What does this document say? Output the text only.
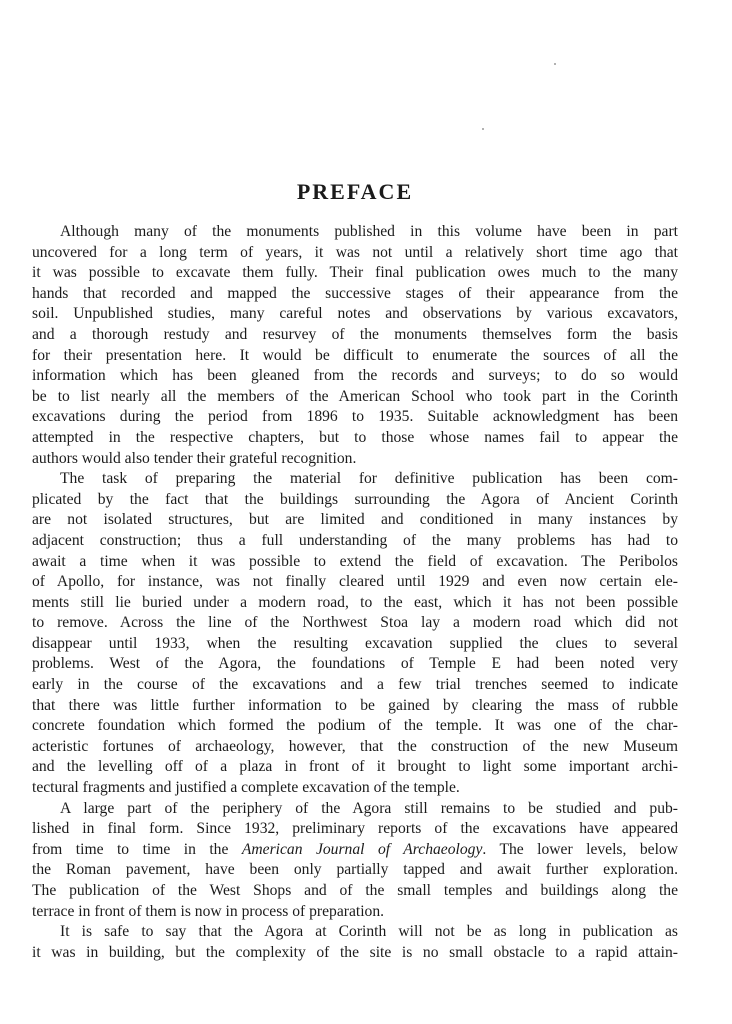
PREFACE
Although many of the monuments published in this volume have been in part
uncovered for a long term of years, it was not until a relatively short time ago that
it was possible to excavate them fully. Their final publication owes much to the many
hands that recorded and mapped the successive stages of their appearance from the
soil. Unpublished studies, many careful notes and observations by various excavators,
and a thorough restudy and resurvey of the monuments themselves form the basis
for their presentation here. It would be difficult to enumerate the sources of all the
information which has been gleaned from the records and surveys; to do so would
be to list nearly all the members of the American School who took part in the Corinth
excavations during the period from 1896 to 1935. Suitable acknowledgment has been
attempted in the respective chapters, but to those whose names fail to appear the
authors would also tender their grateful recognition.
The task of preparing the material for definitive publication has been com-
plicated by the fact that the buildings surrounding the Agora of Ancient Corinth
are not isolated structures, but are limited and conditioned in many instances by
adjacent construction; thus a full understanding of the many problems has had to
await a time when it was possible to extend the field of excavation. The Peribolos
of Apollo, for instance, was not finally cleared until 1929 and even now certain ele-
ments still lie buried under a modern road, to the east, which it has not been possible
to remove. Across the line of the Northwest Stoa lay a modern road which did not
disappear until 1933, when the resulting excavation supplied the clues to several
problems. West of the Agora, the foundations of Temple E had been noted very
early in the course of the excavations and a few trial trenches seemed to indicate
that there was little further information to be gained by clearing the mass of rubble
concrete foundation which formed the podium of the temple. It was one of the char-
acteristic fortunes of archaeology, however, that the construction of the new Museum
and the levelling off of a plaza in front of it brought to light some important archi-
tectural fragments and justified a complete excavation of the temple.
A large part of the periphery of the Agora still remains to be studied and pub-
lished in final form. Since 1932, preliminary reports of the excavations have appeared
from time to time in the American Journal of Archaeology. The lower levels, below
the Roman pavement, have been only partially tapped and await further exploration.
The publication of the West Shops and of the small temples and buildings along the
terrace in front of them is now in process of preparation.
It is safe to say that the Agora at Corinth will not be as long in publication as
it was in building, but the complexity of the site is no small obstacle to a rapid attain-
